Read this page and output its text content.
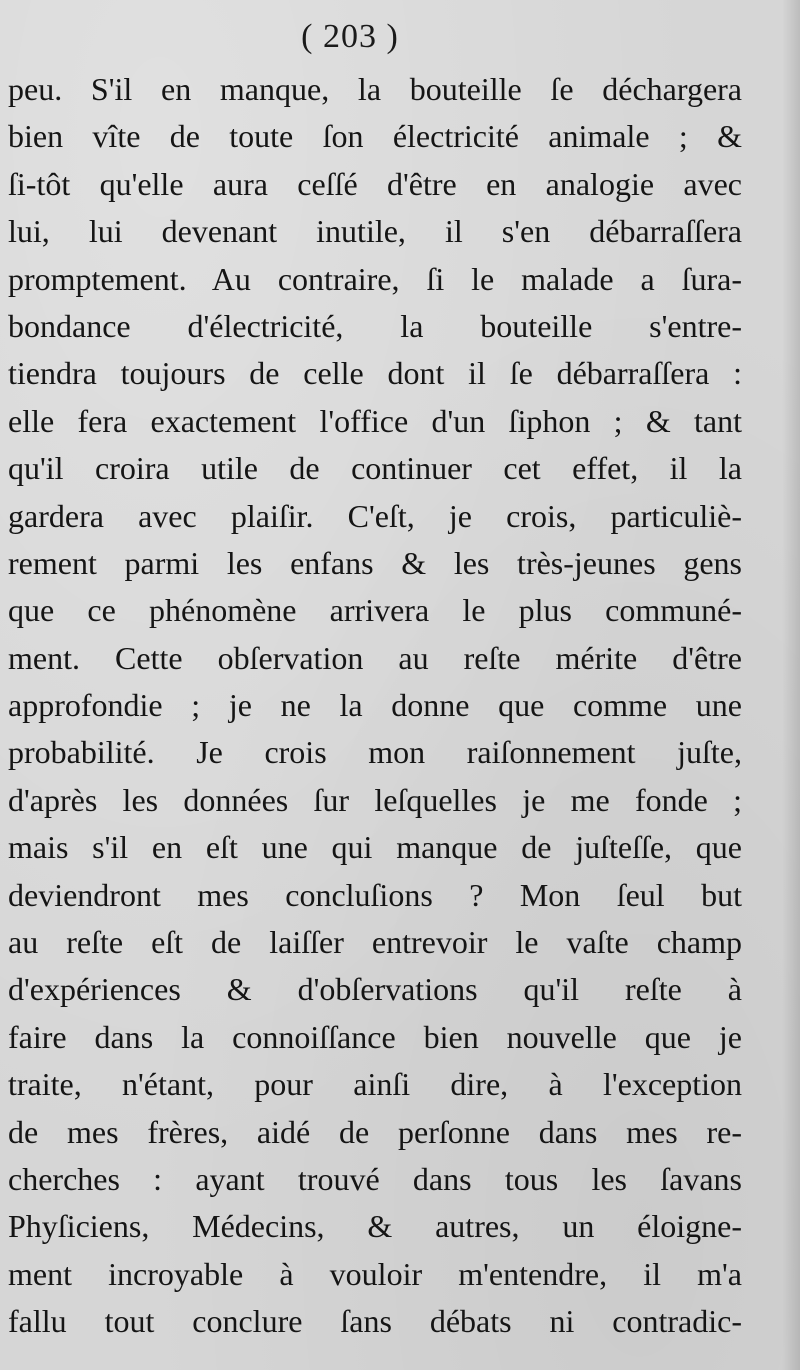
( 203 )
peu. S'il en manque, la bouteille ſe déchargera
bien vîte de toute ſon électricité animale ; &
ſi-tôt qu'elle aura ceſſé d'être en analogie avec
lui, lui devenant inutile, il s'en débarraſſera
promptement. Au contraire, ſi le malade a ſura-
bondance d'électricité, la bouteille s'entre-
tiendra toujours de celle dont il ſe débarraſſera :
elle fera exactement l'office d'un ſiphon ; & tant
qu'il croira utile de continuer cet effet, il la
gardera avec plaiſir. C'eſt, je crois, particuliè-
rement parmi les enfans & les très-jeunes gens
que ce phénomène arrivera le plus communé-
ment. Cette obſervation au reſte mérite d'être
approfondie ; je ne la donne que comme une
probabilité. Je crois mon raiſonnement juſte,
d'après les données ſur leſquelles je me fonde ;
mais s'il en eſt une qui manque de juſteſſe, que
deviendront mes concluſions ? Mon ſeul but
au reſte eſt de laiſſer entrevoir le vaſte champ
d'expériences & d'obſervations qu'il reſte à
faire dans la connoiſſance bien nouvelle que je
traite, n'étant, pour ainſi dire, à l'exception
de mes frères, aidé de perſonne dans mes re-
cherches : ayant trouvé dans tous les ſavans
Phyſiciens, Médecins, & autres, un éloigne-
ment incroyable à vouloir m'entendre, il m'a
fallu tout conclure ſans débats ni contradic-
